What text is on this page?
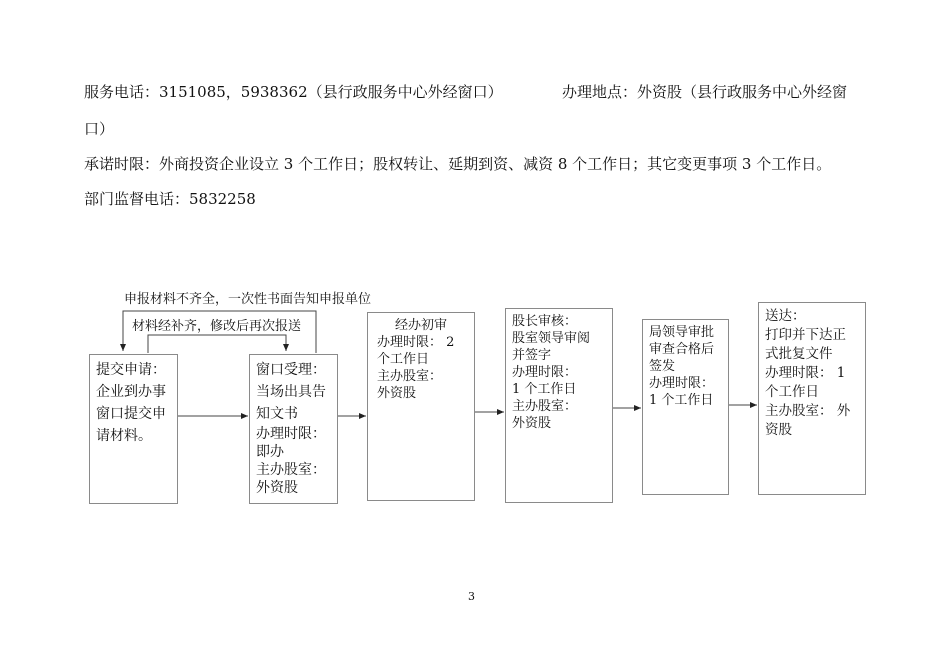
服务电话：3151085，5938362（县行政服务中心外经窗口）	办理地点：外资股（县行政服务中心外经窗
口）
承诺时限：外商投资企业设立 3 个工作日；股权转让、延期到资、减资 8 个工作日；其它变更事项 3 个工作日。
部门监督电话：5832258
申报材料不齐全，一次性书面告知申报单位
材料经补齐，修改后再次报送
提交申请：
企业到办事
窗口提交申
请材料。
窗口受理：
当场出具告
知文书
办理时限：
即办
主办股室：
外资股
经办初审
办理时限： 2
个工作日
主办股室：
外资股
股长审核：
股室领导审阅
并签字
办理时限：
1 个工作日
主办股室：
外资股
局领导审批
审查合格后
签发
办理时限：
1 个工作日
送达：
打印并下达正
式批复文件
办理时限： 1
个工作日
主办股室： 外
资股
3
